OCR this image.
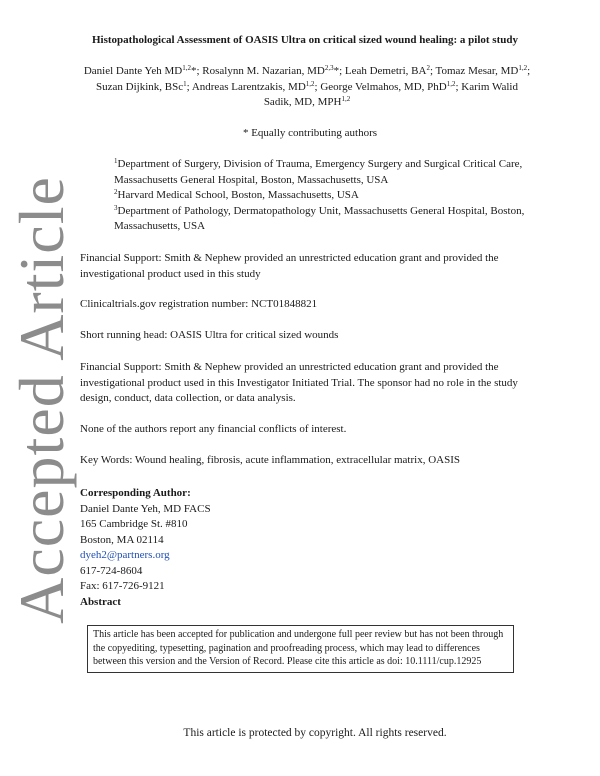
Accepted Article
Histopathological Assessment of OASIS Ultra on critical sized wound healing: a pilot study
Daniel Dante Yeh MD$^{1,2}$*; Rosalynn M. Nazarian, MD$^{2,3}$*; Leah Demetri, $BA^2$; Tomaz Mesar, MD$^{1,2}$; Suzan Dijkink, BSc$^1$; Andreas Larentzakis, MD$^{1,2}$; George Velmahos, MD, PhD$^{1,2}$; Karim Walid Sadik, MD, MPH$^{1,2}$
* Equally contributing authors
$^1$Department of Surgery, Division of Trauma, Emergency Surgery and Surgical Critical Care, Massachusetts General Hospital, Boston, Massachusetts, USA
$^2$Harvard Medical School, Boston, Massachusetts, USA
$^3$Department of Pathology, Dermatopathology Unit, Massachusetts General Hospital, Boston, Massachusetts, USA
Financial Support: Smith & Nephew provided an unrestricted education grant and provided the investigational product used in this study
Clinicaltrials.gov registration number: NCT01848821
Short running head: OASIS Ultra for critical sized wounds
Financial Support: Smith & Nephew provided an unrestricted education grant and provided the investigational product used in this Investigator Initiated Trial. The sponsor had no role in the study design, conduct, data collection, or data analysis.
None of the authors report any financial conflicts of interest.
Key Words: Wound healing, fibrosis, acute inflammation, extracellular matrix, OASIS
Corresponding Author:
Daniel Dante Yeh, MD FACS
165 Cambridge St. #810
Boston, MA 02114
dyeh2@partners.org
617-724-8604
Fax: 617-726-9121
Abstract
This article has been accepted for publication and undergone full peer review but has not been through the copyediting, typesetting, pagination and proofreading process, which may lead to differences between this version and the Version of Record. Please cite this article as doi: 10.1111/cup.12925
This article is protected by copyright. All rights reserved.
